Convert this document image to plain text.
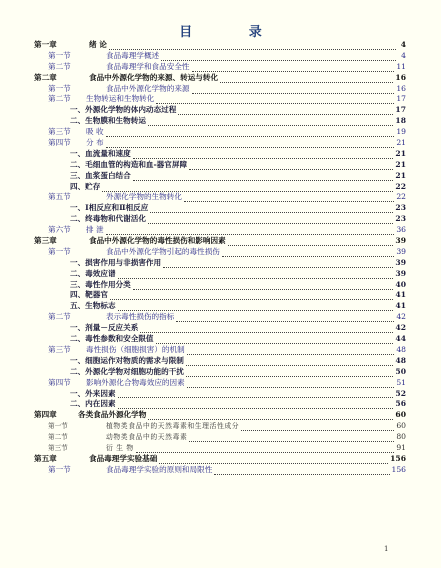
目 录
第一章	绪 论	4
第一节	食品毒理学概述	4
第二节	食品毒理学和食品安全性	11
第二章	食品中外源化学物的来源、转运与转化	16
第一节	食品中外源化学物的来源	16
第二节	生物转运和生物转化	17
一、外源化学物的体内动态过程	17
二、生物膜和生物转运	18
第三节	吸 收	19
第四节	分 布	21
一、血流量和速度	21
二、毛细血管的构造和血-器官屏障	21
三、血浆蛋白结合	21
四、贮存	22
第五节	外源化学物的生物转化	22
一、Ⅰ相反应和Ⅱ相反应	23
二、终毒物和代谢活化	23
第六节	排 泄	36
第三章	食品中外源化学物的毒性损伤和影响因素	39
第一节	食品中外源化学物引起的毒性损伤	39
一、损害作用与非损害作用	39
二、毒效应谱	39
三、毒性作用分类	40
四、靶器官	41
五、生物标志	41
第二节	表示毒性损伤的指标	42
一、剂量－反应关系	42
二、毒性参数和安全限值	44
第三节	毒性损伤（细胞损害）的机制	48
一、细胞运作对物质的需求与限制	48
二、外源化学物对细胞功能的干扰	50
第四节	影响外源化合物毒效应的因素	51
一、外来因素	52
二、内在因素	56
第四章	各类食品外源化学物	60
第一节	植物类食品中的天然毒素和生理活性成分	60
第二节	动物类食品中的天然毒素	80
第三节	衍 生 物	91
第五章	食品毒理学实验基础	156
第一节	食品毒理学实验的原则和局限性	156
1
